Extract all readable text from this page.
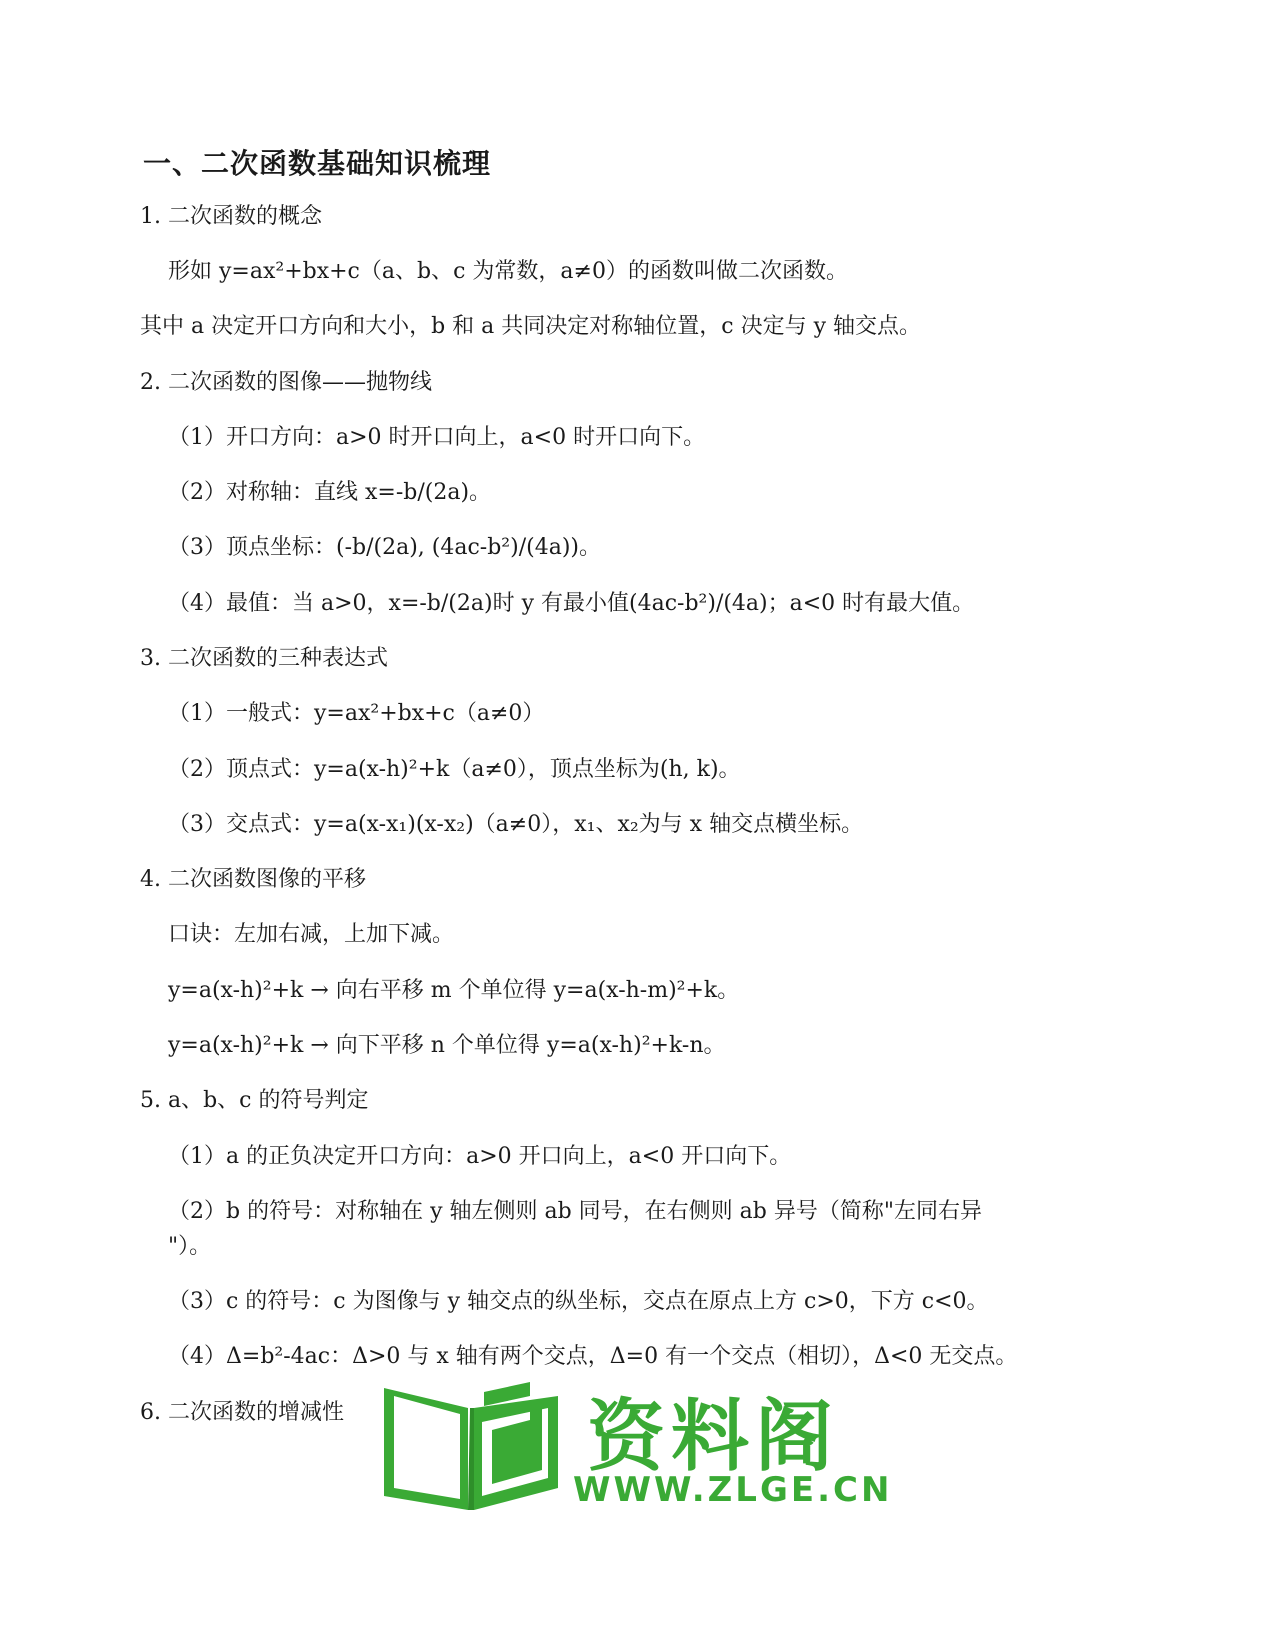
一、二次函数基础知识梳理
1. 二次函数的概念
形如 y=ax²+bx+c（a、b、c 为常数，a≠0）的函数叫做二次函数。
其中 a 决定开口方向和大小，b 和 a 共同决定对称轴位置，c 决定与 y 轴交点。
2. 二次函数的图像——抛物线
（1）开口方向：a>0 时开口向上，a<0 时开口向下。
（2）对称轴：直线 x=-b/(2a)。
（3）顶点坐标：(-b/(2a), (4ac-b²)/(4a))。
（4）最值：当 a>0，x=-b/(2a)时 y 有最小值(4ac-b²)/(4a)；a<0 时有最大值。
3. 二次函数的三种表达式
（1）一般式：y=ax²+bx+c（a≠0）
（2）顶点式：y=a(x-h)²+k（a≠0），顶点坐标为(h, k)。
（3）交点式：y=a(x-x₁)(x-x₂)（a≠0），x₁、x₂为与 x 轴交点横坐标。
4. 二次函数图像的平移
口诀：左加右减，上加下减。
y=a(x-h)²+k → 向右平移 m 个单位得 y=a(x-h-m)²+k。
y=a(x-h)²+k → 向下平移 n 个单位得 y=a(x-h)²+k-n。
5. a、b、c 的符号判定
（1）a 的正负决定开口方向：a>0 开口向上，a<0 开口向下。
（2）b 的符号：对称轴在 y 轴左侧则 ab 同号，在右侧则 ab 异号（简称"左同右异
"）。
（3）c 的符号：c 为图像与 y 轴交点的纵坐标，交点在原点上方 c>0，下方 c<0。
（4）Δ=b²-4ac：Δ>0 与 x 轴有两个交点，Δ=0 有一个交点（相切），Δ<0 无交点。
6. 二次函数的增减性	资料阁
WWW.ZLGE.CN
